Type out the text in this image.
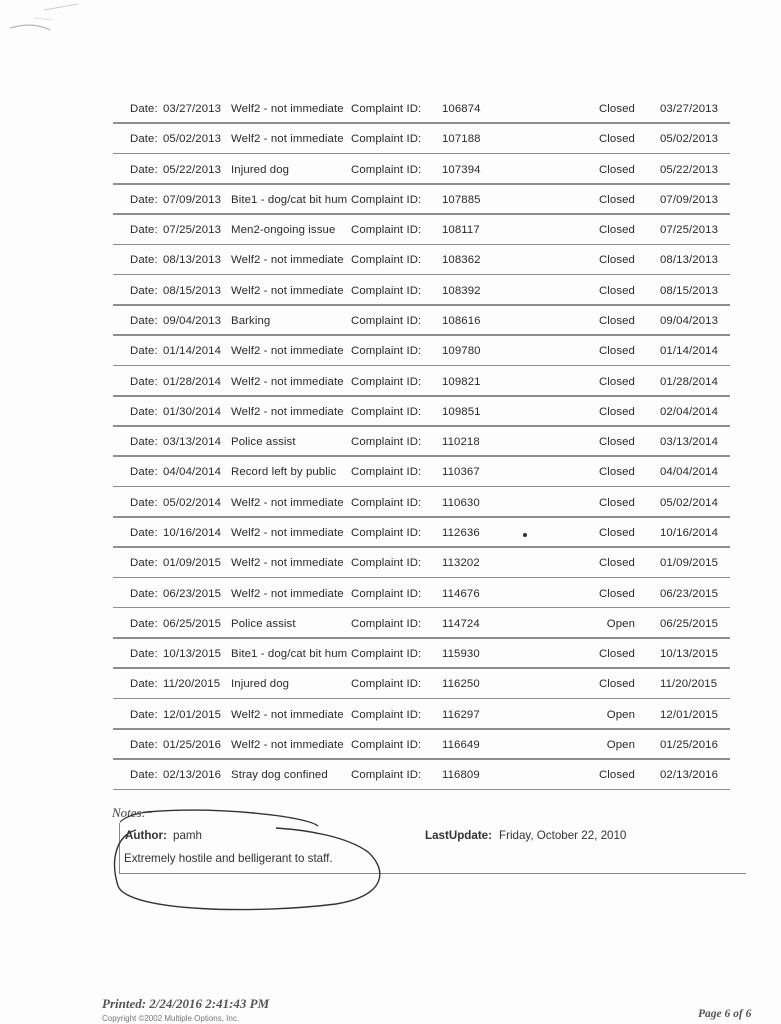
Date: 03/27/2013 Welf2 - not immediate Complaint ID: 106874	Closed 03/27/2013
Date: 05/02/2013 Welf2 - not immediate Complaint ID: 107188	Closed 05/02/2013
Date: 05/22/2013 Injured dog	Complaint ID: 107394	Closed 05/22/2013
Date: 07/09/2013 Bite1 - dog/cat bit hum Complaint ID: 107885	Closed 07/09/2013
Date: 07/25/2013 Men2-ongoing issue	Complaint ID: 108117	Closed 07/25/2013
Date: 08/13/2013 Welf2 - not immediate Complaint ID: 108362	Closed 08/13/2013
Date: 08/15/2013 Welf2 - not immediate Complaint ID: 108392	Closed 08/15/2013
Date: 09/04/2013 Barking	Complaint ID: 108616	Closed 09/04/2013
Date: 01/14/2014 Welf2 - not immediate Complaint ID: 109780	Closed 01/14/2014
Date: 01/28/2014 Welf2 - not immediate Complaint ID: 109821	Closed 01/28/2014
Date: 01/30/2014 Welf2 - not immediate Complaint ID: 109851	Closed 02/04/2014
Date: 03/13/2014 Police assist	Complaint ID: 110218	Closed 03/13/2014
Date: 04/04/2014 Record left by public	Complaint ID: 110367	Closed 04/04/2014
Date: 05/02/2014 Welf2 - not immediate Complaint ID: 110630	Closed 05/02/2014
Date: 10/16/2014 Welf2 - not immediate Complaint ID: 112636	Closed 10/16/2014
Date: 01/09/2015 Welf2 - not immediate Complaint ID: 113202	Closed 01/09/2015
Date: 06/23/2015 Welf2 - not immediate Complaint ID: 114676	Closed 06/23/2015
Date: 06/25/2015 Police assist	Complaint ID: 114724	Open 06/25/2015
Date: 10/13/2015 Bite1 - dog/cat bit hum Complaint ID: 115930	Closed 10/13/2015
Date: 11/20/2015 Injured dog	Complaint ID: 116250	Closed 11/20/2015
Date: 12/01/2015 Welf2 - not immediate Complaint ID: 116297	Open 12/01/2015
Date: 01/25/2016 Welf2 - not immediate Complaint ID: 116649	Open 01/25/2016
Date: 02/13/2016 Stray dog confined	Complaint ID: 116809	Closed 02/13/2016
Notes:
Author: pamh	LastUpdate: Friday, October 22, 2010
Extremely hostile and belligerant to staff.
Printed: 2/24/2016 2:41:43 PM
Copyright ©2002 Multiple Options, Inc.	Page 6 of 6
